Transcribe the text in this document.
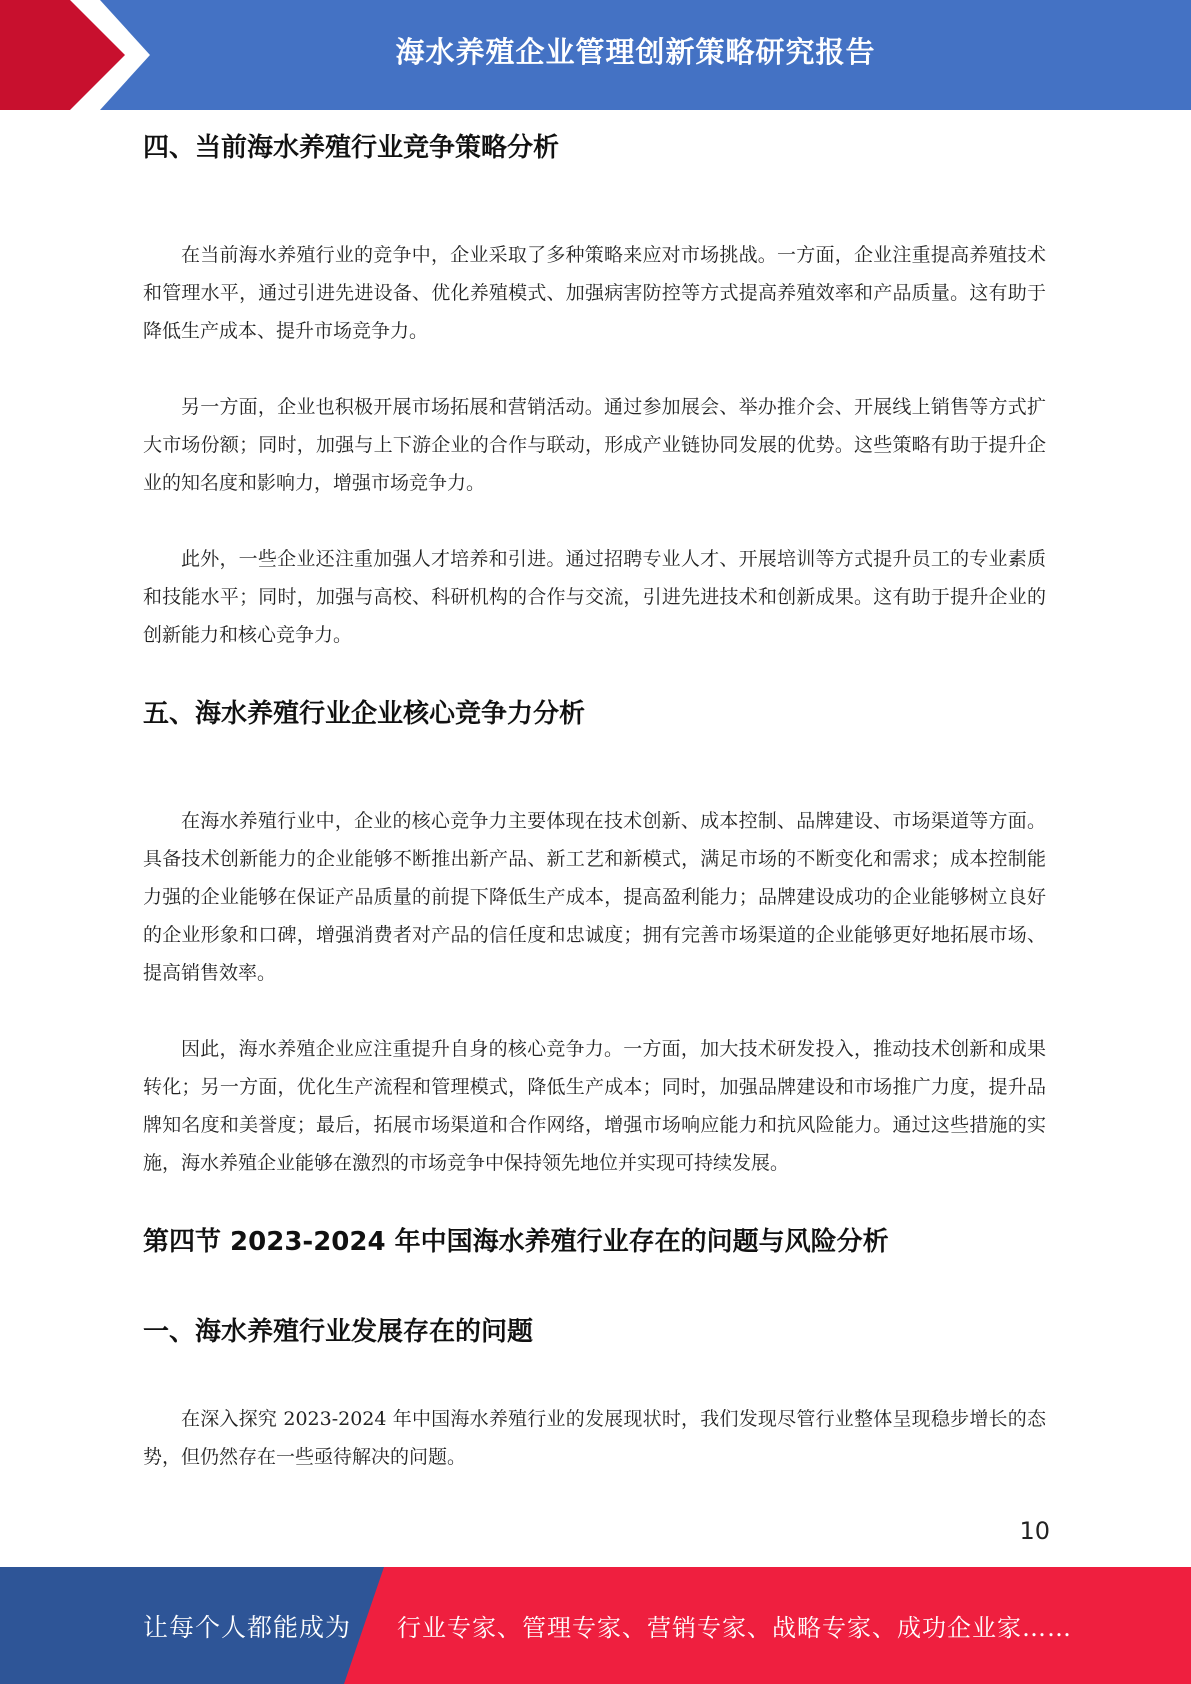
海水养殖企业管理创新策略研究报告
四、当前海水养殖行业竞争策略分析

在当前海水养殖行业的竞争中，企业采取了多种策略来应对市场挑战。一方面，企业注重提高养殖技术和管理水平，通过引进先进设备、优化养殖模式、加强病害防控等方式提高养殖效率和产品质量。这有助于降低生产成本、提升市场竞争力。

另一方面，企业也积极开展市场拓展和营销活动。通过参加展会、举办推介会、开展线上销售等方式扩大市场份额；同时，加强与上下游企业的合作与联动，形成产业链协同发展的优势。这些策略有助于提升企业的知名度和影响力，增强市场竞争力。

此外，一些企业还注重加强人才培养和引进。通过招聘专业人才、开展培训等方式提升员工的专业素质和技能水平；同时，加强与高校、科研机构的合作与交流，引进先进技术和创新成果。这有助于提升企业的创新能力和核心竞争力。

五、海水养殖行业企业核心竞争力分析

在海水养殖行业中，企业的核心竞争力主要体现在技术创新、成本控制、品牌建设、市场渠道等方面。具备技术创新能力的企业能够不断推出新产品、新工艺和新模式，满足市场的不断变化和需求；成本控制能力强的企业能够在保证产品质量的前提下降低生产成本，提高盈利能力；品牌建设成功的企业能够树立良好的企业形象和口碑，增强消费者对产品的信任度和忠诚度；拥有完善市场渠道的企业能够更好地拓展市场、提高销售效率。

因此，海水养殖企业应注重提升自身的核心竞争力。一方面，加大技术研发投入，推动技术创新和成果转化；另一方面，优化生产流程和管理模式，降低生产成本；同时，加强品牌建设和市场推广力度，提升品牌知名度和美誉度；最后，拓展市场渠道和合作网络，增强市场响应能力和抗风险能力。通过这些措施的实施，海水养殖企业能够在激烈的市场竞争中保持领先地位并实现可持续发展。

第四节 2023-2024 年中国海水养殖行业存在的问题与风险分析
一、海水养殖行业发展存在的问题

在深入探究 2023-2024 年中国海水养殖行业的发展现状时，我们发现尽管行业整体呈现稳步增长的态势，但仍然存在一些亟待解决的问题。

10
让每个人都能成为 行业专家、管理专家、营销专家、战略专家、成功企业家……
